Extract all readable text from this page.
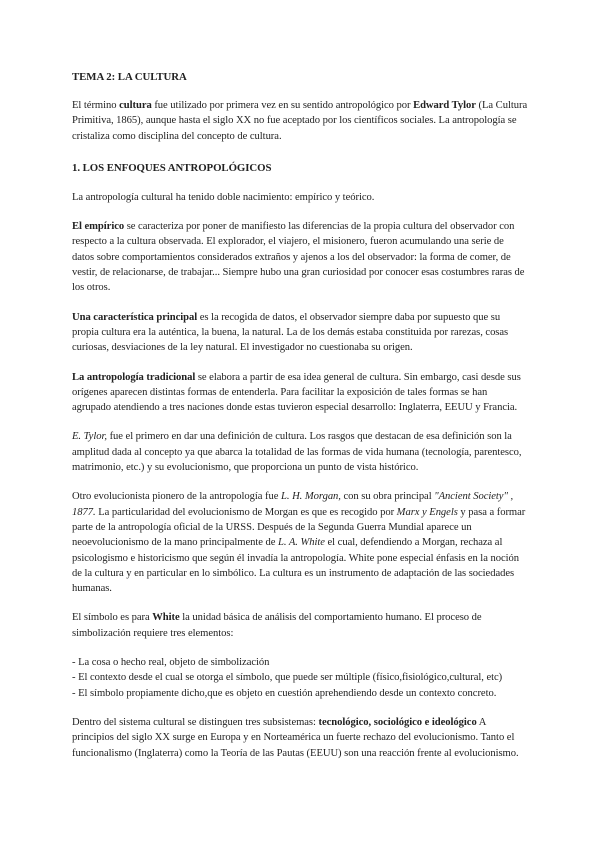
TEMA 2: LA CULTURA

El término cultura fue utilizado por primera vez en su sentido antropológico por Edward Tylor (La Cultura Primitiva, 1865), aunque hasta el siglo XX no fue aceptado por los científicos sociales. La antropología se cristaliza como disciplina del concepto de cultura.

1. LOS ENFOQUES ANTROPOLÓGICOS

La antropología cultural ha tenido doble nacimiento: empírico y teórico.

El empírico se caracteriza por poner de manifiesto las diferencias de la propia cultura del observador con respecto a la cultura observada. El explorador, el viajero, el misionero, fueron acumulando una serie de datos sobre comportamientos considerados extraños y ajenos a los del observador: la forma de comer, de vestir, de relacionarse, de trabajar... Siempre hubo una gran curiosidad por conocer esas costumbres raras de los otros.

Una característica principal es la recogida de datos, el observador siempre daba por supuesto que su propia cultura era la auténtica, la buena, la natural. La de los demás estaba constituida por rarezas, cosas curiosas, desviaciones de la ley natural. El investigador no cuestionaba su origen.

La antropología tradicional se elabora a partir de esa idea general de cultura. Sin embargo, casi desde sus orígenes aparecen distintas formas de entenderla. Para facilitar la exposición de tales formas se han agrupado atendiendo a tres naciones donde estas tuvieron especial desarrollo: Inglaterra, EEUU y Francia.

E. Tylor, fue el primero en dar una definición de cultura. Los rasgos que destacan de esa definición son la amplitud dada al concepto ya que abarca la totalidad de las formas de vida humana (tecnología, parentesco, matrimonio, etc.) y su evolucionismo, que proporciona un punto de vista histórico.

Otro evolucionista pionero de la antropología fue L. H. Morgan, con su obra principal "Ancient Society" , 1877. La particularidad del evolucionismo de Morgan es que es recogido por Marx y Engels y pasa a formar parte de la antropología oficial de la URSS. Después de la Segunda Guerra Mundial aparece un neoevolucionismo de la mano principalmente de L. A. White el cual, defendiendo a Morgan, rechaza al psicologismo e historicismo que según él invadía la antropología. White pone especial énfasis en la noción de la cultura y en particular en lo simbólico. La cultura es un instrumento de adaptación de las sociedades humanas.

El símbolo es para White la unidad básica de análisis del comportamiento humano. El proceso de simbolización requiere tres elementos:

- La cosa o hecho real, objeto de simbolización
- El contexto desde el cual se otorga el símbolo, que puede ser múltiple (físico,fisiológico,cultural, etc)
- El símbolo propiamente dicho,que es objeto en cuestión aprehendiendo desde un contexto concreto.

Dentro del sistema cultural se distinguen tres subsistemas: tecnológico, sociológico e ideológico A principios del siglo XX surge en Europa y en Norteamérica un fuerte rechazo del evolucionismo. Tanto el funcionalismo (Inglaterra) como la Teoría de las Pautas (EEUU) son una reacción frente al evolucionismo.
